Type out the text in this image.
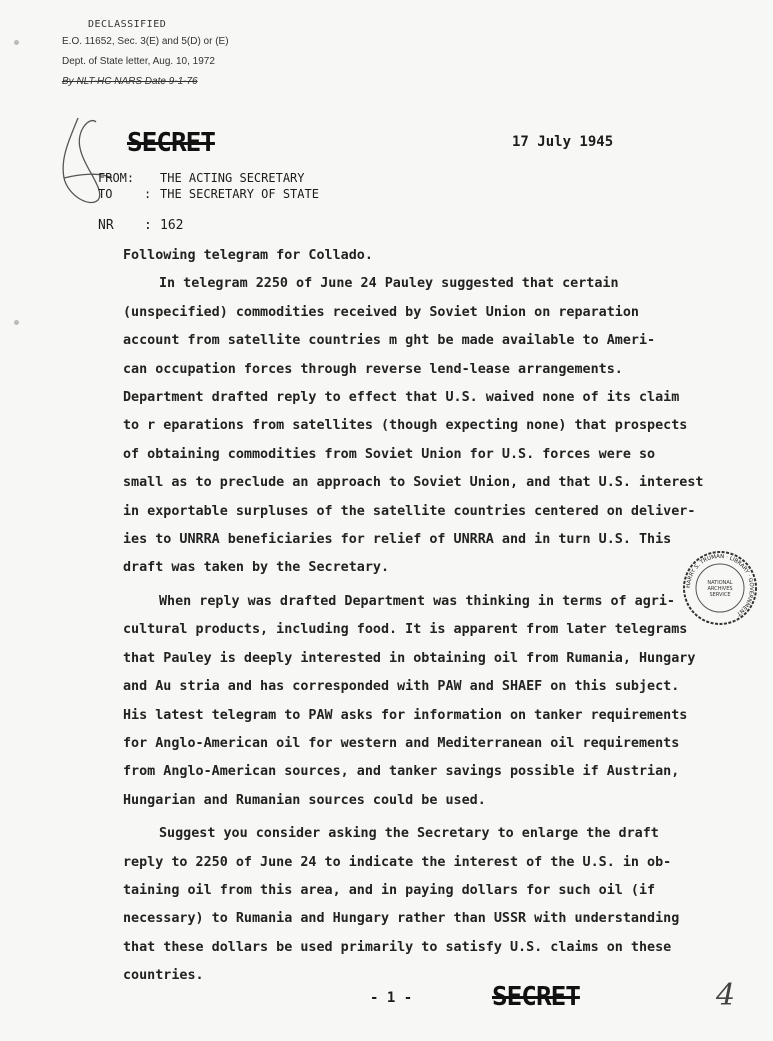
DECLASSIFIED
E.O. 11652, Sec. 3(E) and 5(D) or (E)
Dept. of State letter, Aug. 10, 1972
By NLT-HC NARS Date 9-1-76
SECRET	17 July 1945
FROM:	THE ACTING SECRETARY
TO	: THE SECRETARY OF STATE
NR	: 162

Following telegram for Collado.

In telegram 2250 of June 24 Pauley suggested that certain
(unspecified) commodities received by Soviet Union on reparation
account from satellite countries m ght be made available to Ameri-
can occupation forces through reverse lend-lease arrangements.
Department drafted reply to effect that U.S. waived none of its claim
to r eparations from satellites (though expecting none) that prospects
of obtaining commodities from Soviet Union for U.S. forces were so
small as to preclude an approach to Soviet Union, and that U.S. interest
in exportable surpluses of the satellite countries centered on deliver-
ies to UNRRA beneficiaries for relief of UNRRA and in turn U.S. This
draft was taken by the Secretary.

When reply was drafted Department was thinking in terms of agri-
cultural products, including food. It is apparent from later telegrams
that Pauley is deeply interested in obtaining oil from Rumania, Hungary
and Au stria and has corresponded with PAW and SHAEF on this subject.
His latest telegram to PAW asks for information on tanker requirements
for Anglo-American oil for western and Mediterranean oil requirements
from Anglo-American sources, and tanker savings possible if Austrian,
Hungarian and Rumanian sources could be used.

Suggest you consider asking the Secretary to enlarge the draft
reply to 2250 of June 24 to indicate the interest of the U.S. in ob-
taining oil from this area, and in paying dollars for such oil (if
necessary) to Rumania and Hungary rather than USSR with understanding
that these dollars be used primarily to satisfy U.S. claims on these
countries.

HARRY S. TRUMAN · LIBRARY · GOVERNMENT
NATIONAL
ARCHIVES
SERVICE
- 1 -	SECRET	4
